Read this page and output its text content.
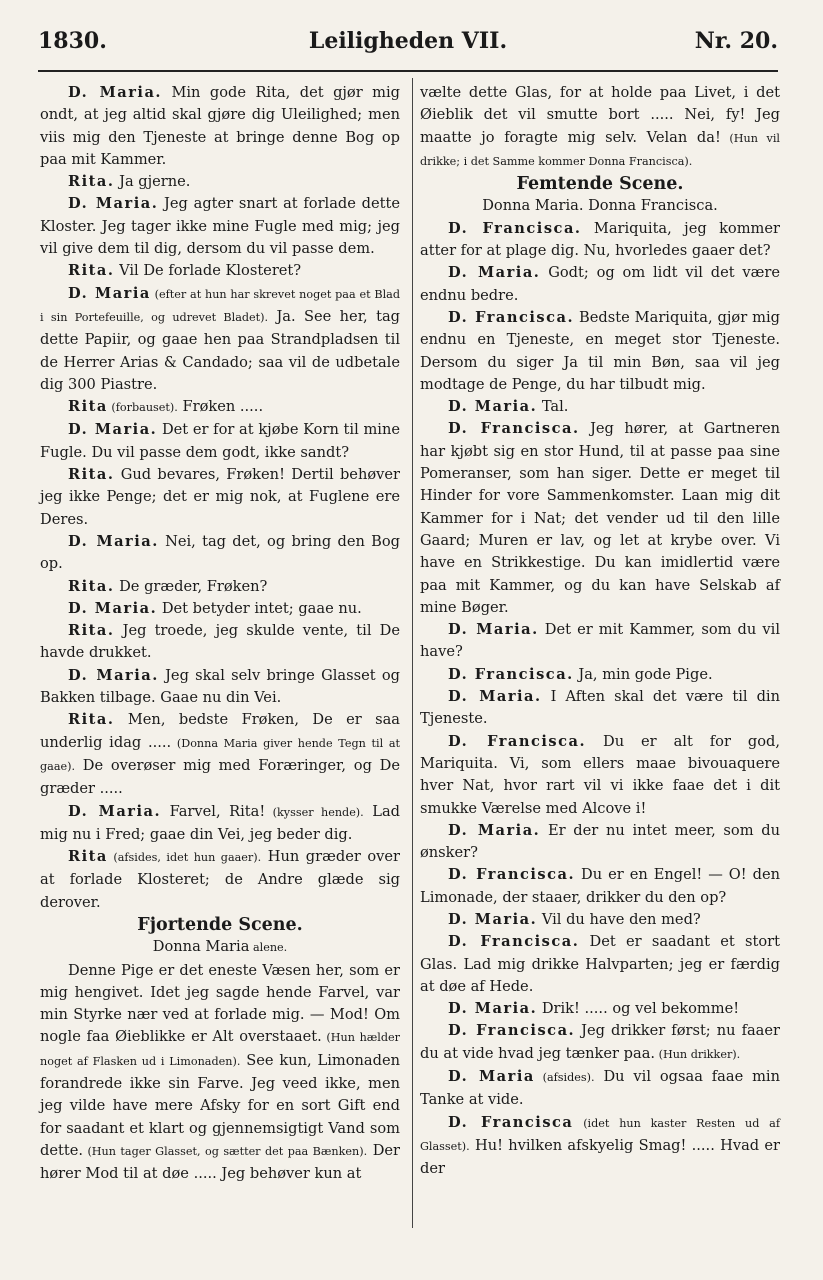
1830.	Leiligheden VII.	Nr. 20.

D. Maria. Min gode Rita, det gjør mig ondt, at jeg altid skal gjøre dig Uleilighed; men viis mig den Tjeneste at bringe denne Bog op paa mit Kammer.

Rita. Ja gjerne.

D. Maria. Jeg agter snart at forlade dette Kloster. Jeg tager ikke mine Fugle med mig; jeg vil give dem til dig, dersom du vil passe dem.

Rita. Vil De forlade Klosteret?

D. Maria (efter at hun har skrevet noget paa et Blad i sin Portefeuille, og udrevet Bladet). Ja. See her, tag dette Papiir, og gaae hen paa Strandpladsen til de Herrer Arias & Candado; saa vil de udbetale dig 300 Piastre.

Rita (forbauset). Frøken .....

D. Maria. Det er for at kjøbe Korn til mine Fugle. Du vil passe dem godt, ikke sandt?

Rita. Gud bevares, Frøken! Dertil behøver jeg ikke Penge; det er mig nok, at Fuglene ere Deres.

D. Maria. Nei, tag det, og bring den Bog op.

Rita. De græder, Frøken?

D. Maria. Det betyder intet; gaae nu.

Rita. Jeg troede, jeg skulde vente, til De havde drukket.

D. Maria. Jeg skal selv bringe Glasset og Bakken tilbage. Gaae nu din Vei.

Rita. Men, bedste Frøken, De er saa underlig idag ..... (Donna Maria giver hende Tegn til at gaae). De overøser mig med Foræringer, og De græder .....

D. Maria. Farvel, Rita! (kysser hende). Lad mig nu i Fred; gaae din Vei, jeg beder dig.

Rita (afsides, idet hun gaaer). Hun græder over at forlade Klosteret; de Andre glæde sig derover.

Fjortende Scene.

Donna Maria alene.

Denne Pige er det eneste Væsen her, som er mig hengivet. Idet jeg sagde hende Farvel, var min Styrke nær ved at forlade mig. — Mod! Om nogle faa Øieblikke er Alt overstaaet. (Hun hælder noget af Flasken ud i Limonaden). See kun, Limonaden forandrede ikke sin Farve. Jeg veed ikke, men jeg vilde have mere Afsky for en sort Gift end for saadant et klart og gjennemsigtigt Vand som dette. (Hun tager Glasset, og sætter det paa Bænken). Der hører Mod til at døe ..... Jeg behøver kun at

vælte dette Glas, for at holde paa Livet, i det Øieblik det vil smutte bort ..... Nei, fy! Jeg maatte jo foragte mig selv. Velan da! (Hun vil drikke; i det Samme kommer Donna Francisca).

Femtende Scene.

Donna Maria. Donna Francisca.

D. Francisca. Mariquita, jeg kommer atter for at plage dig. Nu, hvorledes gaaer det?

D. Maria. Godt; og om lidt vil det være endnu bedre.

D. Francisca. Bedste Mariquita, gjør mig endnu en Tjeneste, en meget stor Tjeneste. Dersom du siger Ja til min Bøn, saa vil jeg modtage de Penge, du har tilbudt mig.

D. Maria. Tal.

D. Francisca. Jeg hører, at Gartneren har kjøbt sig en stor Hund, til at passe paa sine Pomeranser, som han siger. Dette er meget til Hinder for vore Sammenkomster. Laan mig dit Kammer for i Nat; det vender ud til den lille Gaard; Muren er lav, og let at krybe over. Vi have en Strikkestige. Du kan imidlertid være paa mit Kammer, og du kan have Selskab af mine Bøger.

D. Maria. Det er mit Kammer, som du vil have?

D. Francisca. Ja, min gode Pige.

D. Maria. I Aften skal det være til din Tjeneste.

D. Francisca. Du er alt for god, Mariquita. Vi, som ellers maae bivouaquere hver Nat, hvor rart vil vi ikke faae det i dit smukke Værelse med Alcove i!

D. Maria. Er der nu intet meer, som du ønsker?

D. Francisca. Du er en Engel! — O! den Limonade, der staaer, drikker du den op?

D. Maria. Vil du have den med?

D. Francisca. Det er saadant et stort Glas. Lad mig drikke Halvparten; jeg er færdig at døe af Hede.

D. Maria. Drik! ..... og vel bekomme!

D. Francisca. Jeg drikker først; nu faaer du at vide hvad jeg tænker paa. (Hun drikker).

D. Maria (afsides). Du vil ogsaa faae min Tanke at vide.

D. Francisca (idet hun kaster Resten ud af Glasset). Hu! hvilken afskyelig Smag! ..... Hvad er der
